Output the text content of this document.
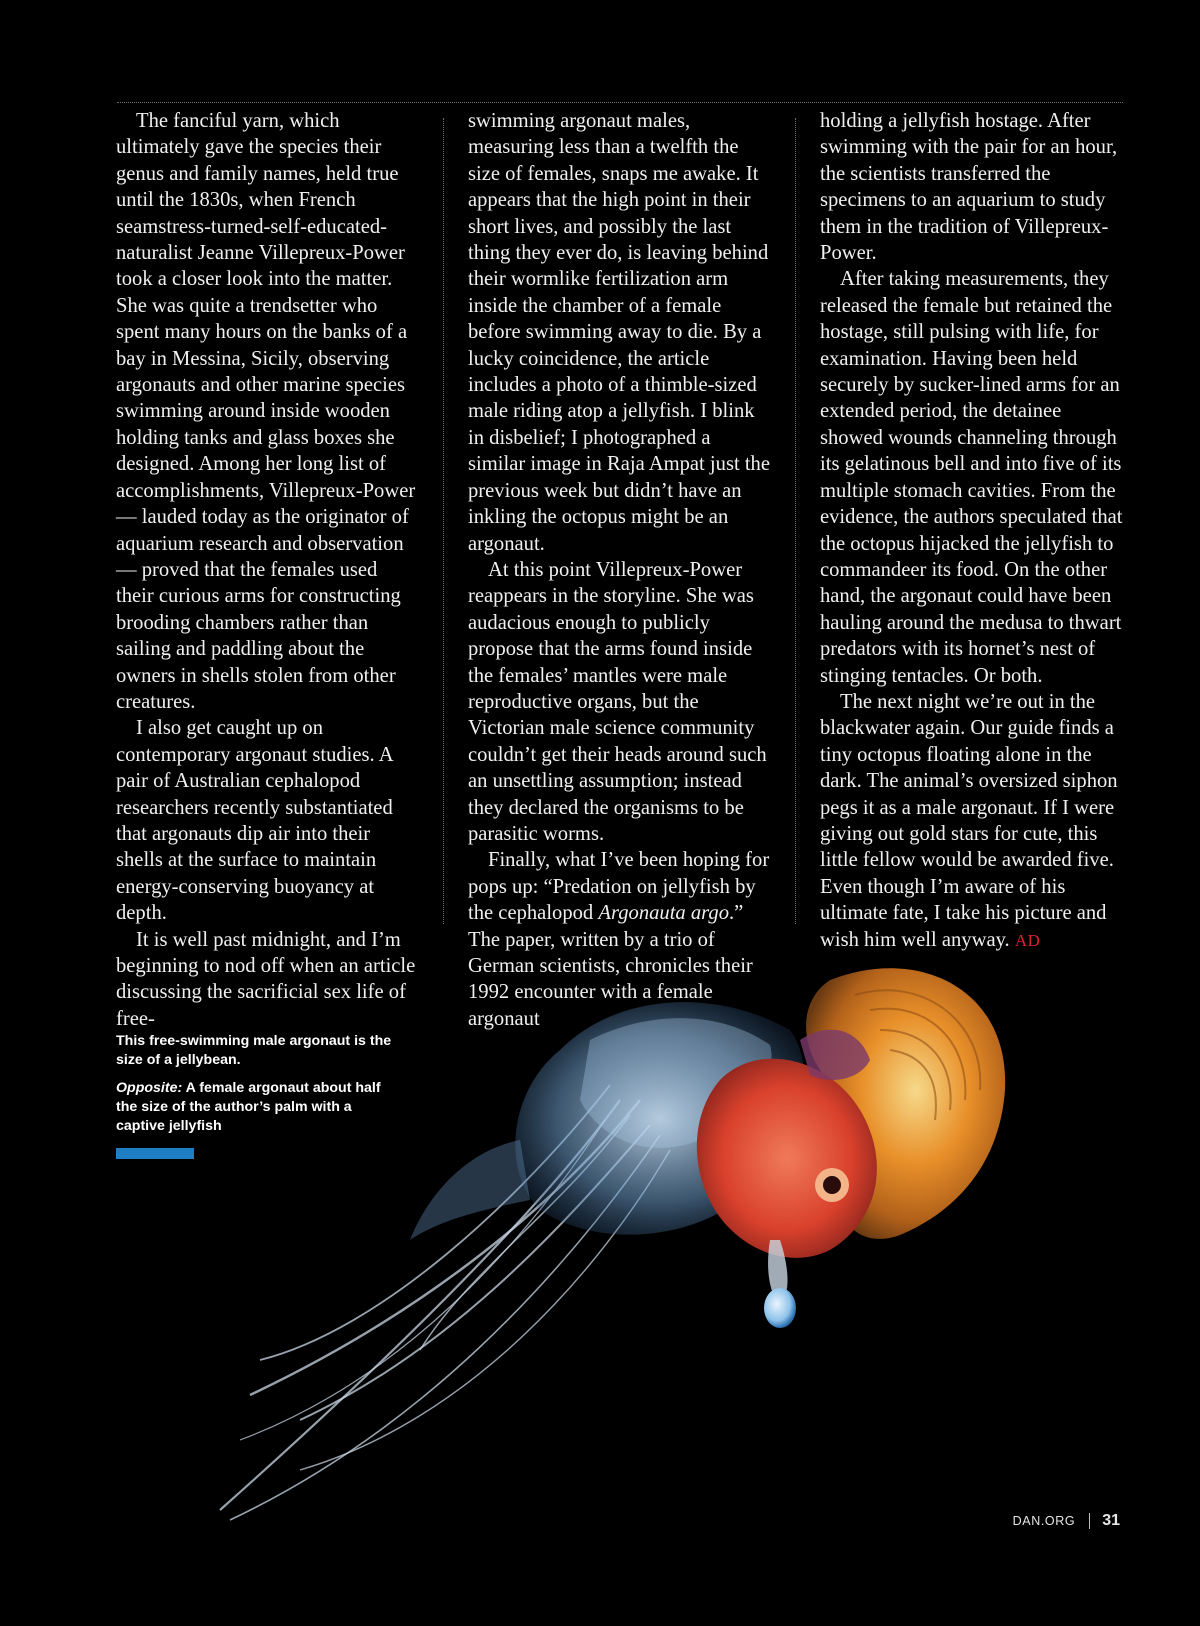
The fanciful yarn, which ultimately gave the species their genus and family names, held true until the 1830s, when French seamstress-turned-self-educated-naturalist Jeanne Villepreux-Power took a closer look into the matter. She was quite a trendsetter who spent many hours on the banks of a bay in Messina, Sicily, observing argonauts and other marine species swimming around inside wooden holding tanks and glass boxes she designed. Among her long list of accomplishments, Villepreux-Power — lauded today as the originator of aquarium research and observation — proved that the females used their curious arms for constructing brooding chambers rather than sailing and paddling about the owners in shells stolen from other creatures.

I also get caught up on contemporary argonaut studies. A pair of Australian cephalopod researchers recently substantiated that argonauts dip air into their shells at the surface to maintain energy-conserving buoyancy at depth.

It is well past midnight, and I’m beginning to nod off when an article discussing the sacrificial sex life of free-

swimming argonaut males, measuring less than a twelfth the size of females, snaps me awake. It appears that the high point in their short lives, and possibly the last thing they ever do, is leaving behind their wormlike fertilization arm inside the chamber of a female before swimming away to die. By a lucky coincidence, the article includes a photo of a thimble-sized male riding atop a jellyfish. I blink in disbelief; I photographed a similar image in Raja Ampat just the previous week but didn’t have an inkling the octopus might be an argonaut.

At this point Villepreux-Power reappears in the storyline. She was audacious enough to publicly propose that the arms found inside the females’ mantles were male reproductive organs, but the Victorian male science community couldn’t get their heads around such an unsettling assumption; instead they declared the organisms to be parasitic worms.

Finally, what I’ve been hoping for pops up: “Predation on jellyfish by the cephalopod Argonauta argo.” The paper, written by a trio of German scientists, chronicles their 1992 encounter with a female argonaut

holding a jellyfish hostage. After swimming with the pair for an hour, the scientists transferred the specimens to an aquarium to study them in the tradition of Villepreux-Power.

After taking measurements, they released the female but retained the hostage, still pulsing with life, for examination. Having been held securely by sucker-lined arms for an extended period, the detainee showed wounds channeling through its gelatinous bell and into five of its multiple stomach cavities. From the evidence, the authors speculated that the octopus hijacked the jellyfish to commandeer its food. On the other hand, the argonaut could have been hauling around the medusa to thwart predators with its hornet’s nest of stinging tentacles. Or both.

The next night we’re out in the blackwater again. Our guide finds a tiny octopus floating alone in the dark. The animal’s oversized siphon pegs it as a male argonaut. If I were giving out gold stars for cute, this little fellow would be awarded five. Even though I’m aware of his ultimate fate, I take his picture and wish him well anyway. AD

This free-swimming male argonaut is the size of a jellybean.

Opposite: A female argonaut about half the size of the author’s palm with a captive jellyfish

DAN.ORG 31
